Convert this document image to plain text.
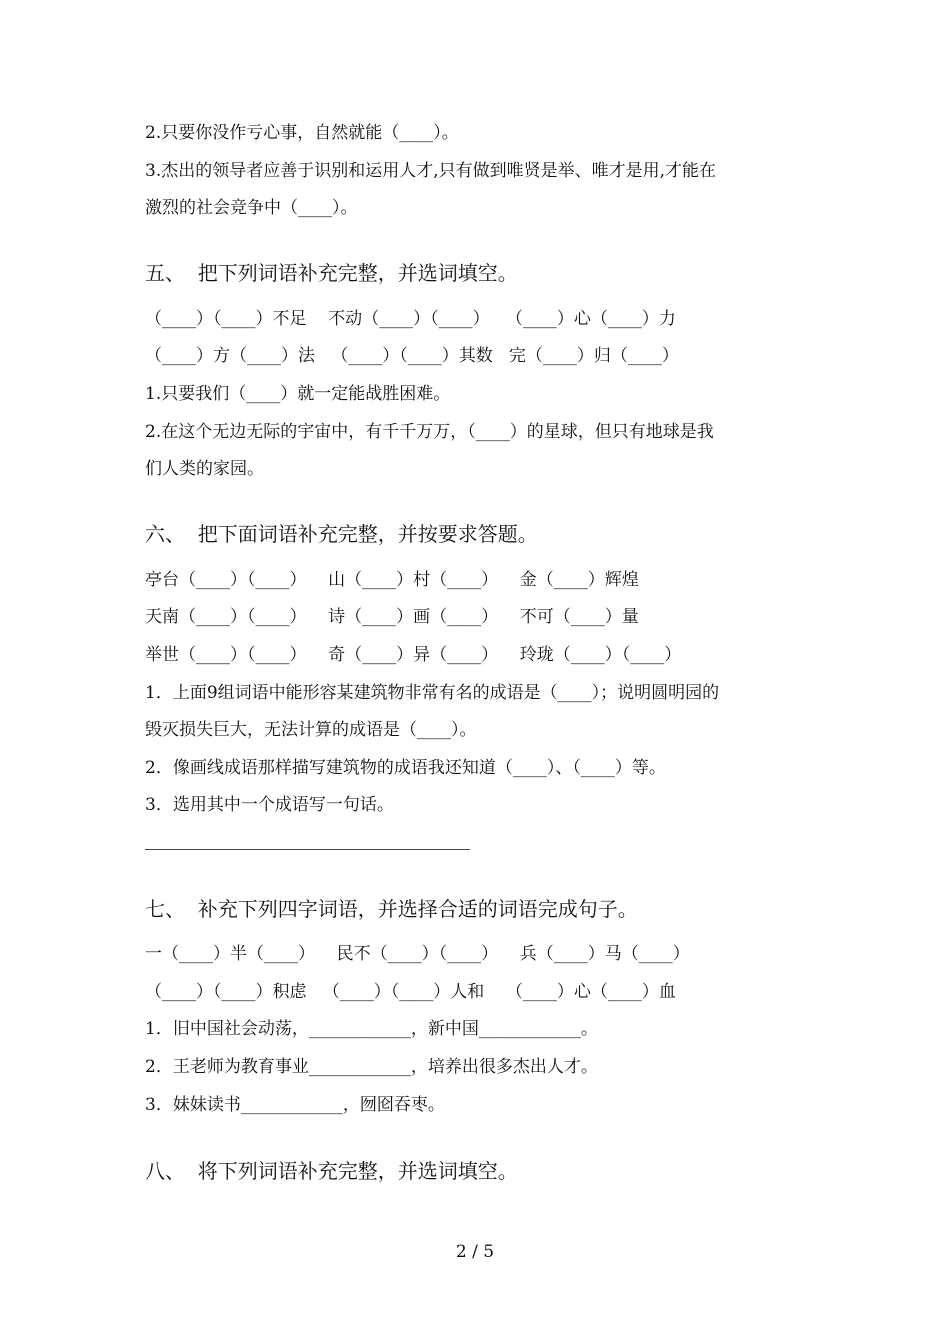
2.只要你没作亏心事，自然就能（____）。
3.杰出的领导者应善于识别和运用人才,只有做到唯贤是举、唯才是用,才能在
激烈的社会竞争中（____）。
五、  把下列词语补充完整，并选词填空。
（____）（____）不足    不动（____）（____）   （____）心（____）力
（____）方（____）法   （____）（____）其数   完（____）归（____）
1.只要我们（____）就一定能战胜困难。
2.在这个无边无际的宇宙中，有千千万万，（____）的星球，但只有地球是我
们人类的家园。
六、  把下面词语补充完整，并按要求答题。
亭台（____）（____）    山（____）村（____）    金（____）辉煌
天南（____）（____）    诗（____）画（____）    不可（____）量
举世（____）（____）    奇（____）异（____）    玲珑（____）（____）
1．上面9组词语中能形容某建筑物非常有名的成语是（____）；说明圆明园的
毁灭损失巨大，无法计算的成语是（____）。
2．像画线成语那样描写建筑物的成语我还知道（____）、（____）等。
3．选用其中一个成语写一句话。
七、  补充下列四字词语，并选择合适的词语完成句子。
一（____）半（____）    民不（____）（____）    兵（____）马（____）
（____）（____）积虑   （____）（____）人和    （____）心（____）血
1．旧中国社会动荡，____________，新中国____________。
2．王老师为教育事业____________，培养出很多杰出人才。
3．妹妹读书____________，囫囵吞枣。
八、  将下列词语补充完整，并选词填空。
2 / 5
